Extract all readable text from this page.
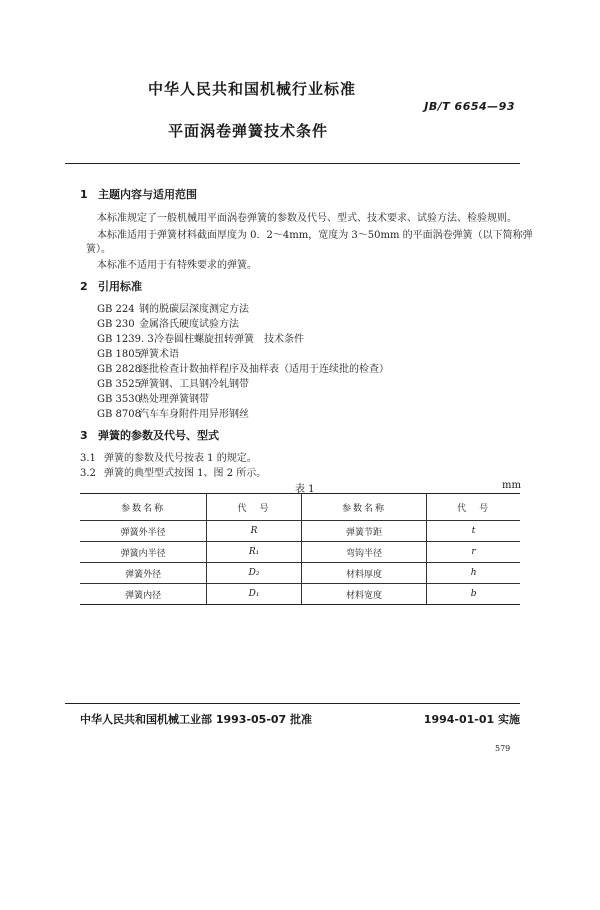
中华人民共和国机械行业标准
JB/T 6654—93
平面涡卷弹簧技术条件
1 主题内容与适用范围
本标准规定了一般机械用平面涡卷弹簧的参数及代号、型式、技术要求、试验方法、检验规则。
本标准适用于弹簧材料截面厚度为 0．2～4mm，宽度为 3～50mm 的平面涡卷弹簧（以下简称弹
簧）。
本标准不适用于有特殊要求的弹簧。
2 引用标准
GB 224 钢的脱碳层深度测定方法
GB 230 金属洛氏硬度试验方法
GB 1239. 3冷卷圆柱螺旋扭转弹簧　技术条件
GB 1805弹簧术语
GB 2828逐批检查计数抽样程序及抽样表（适用于连续批的检查）
GB 3525弹簧钢、工具钢冷轧钢带
GB 3530热处理弹簧钢带
GB 8708汽车车身附件用异形钢丝
3 弹簧的参数及代号、型式
3.1 弹簧的参数及代号按表 1 的规定。
3.2 弹簧的典型型式按图 1、图 2 所示。
表 1	mm
参数名称	代　号	参数名称	代　号
弹簧外半径	R	弹簧节距	t
弹簧内半径	R₁	弯钩半径	r
弹簧外径	D₂	材料厚度	h
弹簧内径	D₁	材料宽度	b
中华人民共和国机械工业部 1993-05-07 批准	1994-01-01 实施
579
